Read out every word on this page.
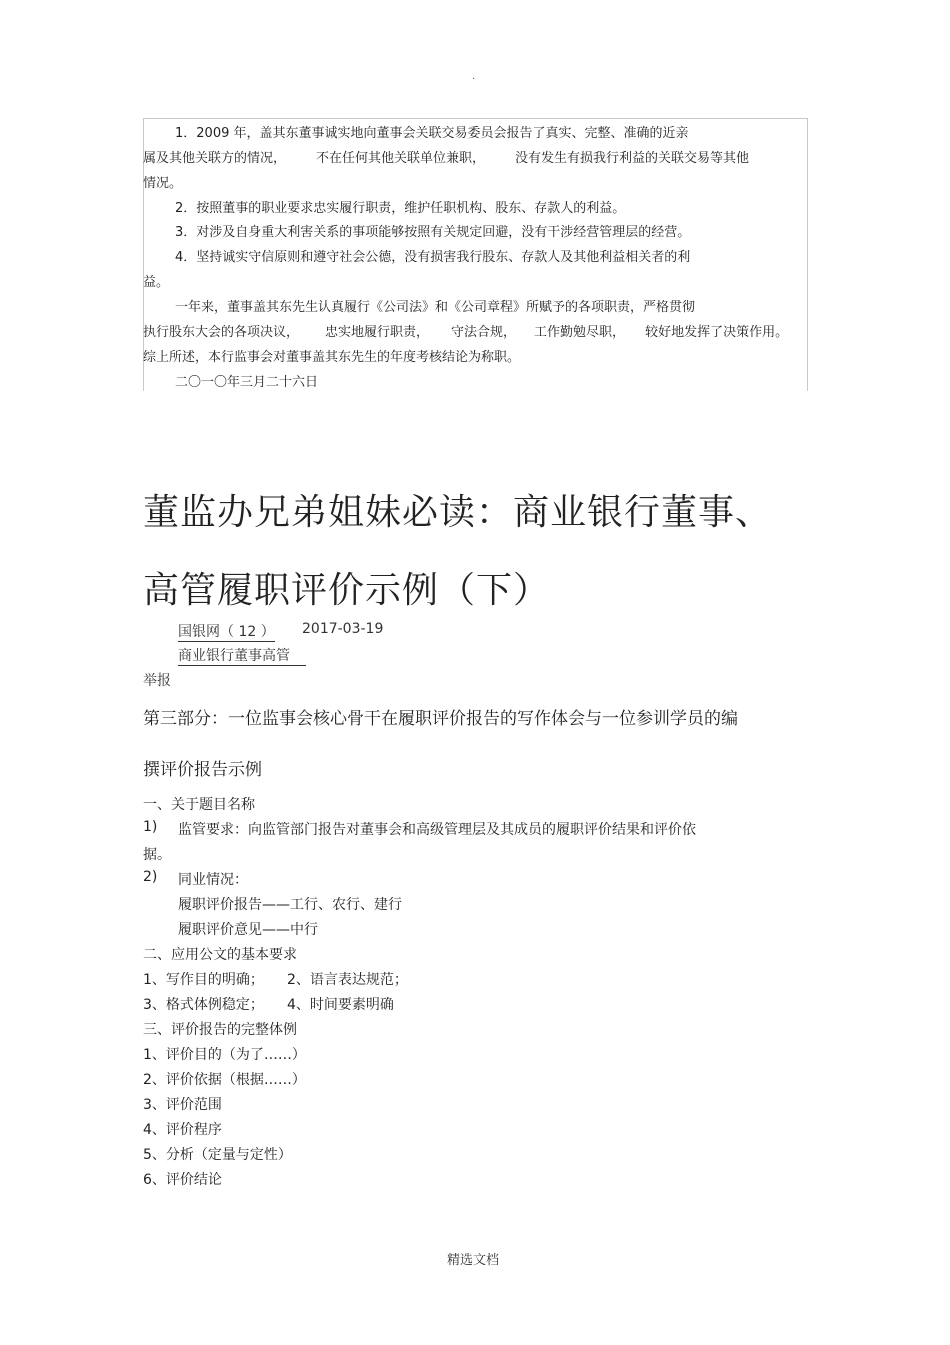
·
1．2009 年，盖其东董事诚实地向董事会关联交易委员会报告了真实、完整、准确的近亲
属及其他关联方的情况， 不在任何其他关联单位兼职， 没有发生有损我行利益的关联交易等其他
情况。
2．按照董事的职业要求忠实履行职责，维护任职机构、股东、存款人的利益。
3．对涉及自身重大利害关系的事项能够按照有关规定回避，没有干涉经营管理层的经营。
4．坚持诚实守信原则和遵守社会公德，没有损害我行股东、存款人及其他利益相关者的利
益。
一年来，董事盖其东先生认真履行《公司法》和《公司章程》所赋予的各项职责，严格贯彻
执行股东大会的各项决议， 忠实地履行职责， 守法合规， 工作勤勉尽职， 较好地发挥了决策作用。
综上所述，本行监事会对董事盖其东先生的年度考核结论为称职。
二〇一〇年三月二十六日
董监办兄弟姐妹必读：商业银行董事、
高管履职评价示例（下）
国银网（ 12 ） 2017-03-19
商业银行董事高管
举报
第三部分：一位监事会核心骨干在履职评价报告的写作体会与一位参训学员的编
撰评价报告示例
一、关于题目名称
1) 监管要求：向监管部门报告对董事会和高级管理层及其成员的履职评价结果和评价依
据。
2) 同业情况：
履职评价报告——工行、农行、建行
履职评价意见——中行
二、应用公文的基本要求
1、写作目的明确； 2、语言表达规范；
3、格式体例稳定； 4、时间要素明确
三、评价报告的完整体例
1、评价目的（为了……）
2、评价依据（根据……）
3、评价范围
4、评价程序
5、分析（定量与定性）
6、评价结论
精选文档
